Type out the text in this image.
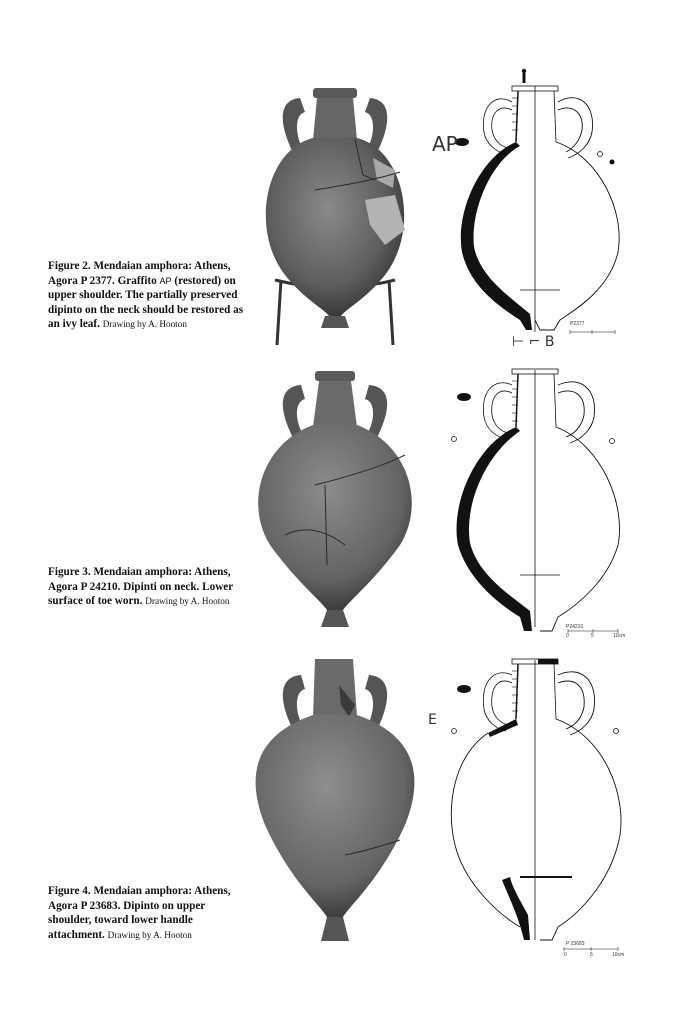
Figure 2. Mendaian amphora: Athens, Agora P 2377. Graffito AP (restored) on upper shoulder. The partially preserved dipinto on the neck should be restored as an ivy leaf. Drawing by A. Hooton	P2377
AP
⊢ ⌐ B
Figure 3. Mendaian amphora: Athens, Agora P 24210. Dipinti on neck. Lower surface of toe worn. Drawing by A. Hooton
P24210
0	5	10cm
Figure 4. Mendaian amphora: Athens, Agora P 23683. Dipinto on upper shoulder, toward lower handle attachment. Drawing by A. Hooton
P 23683
0	5	10cm
E
